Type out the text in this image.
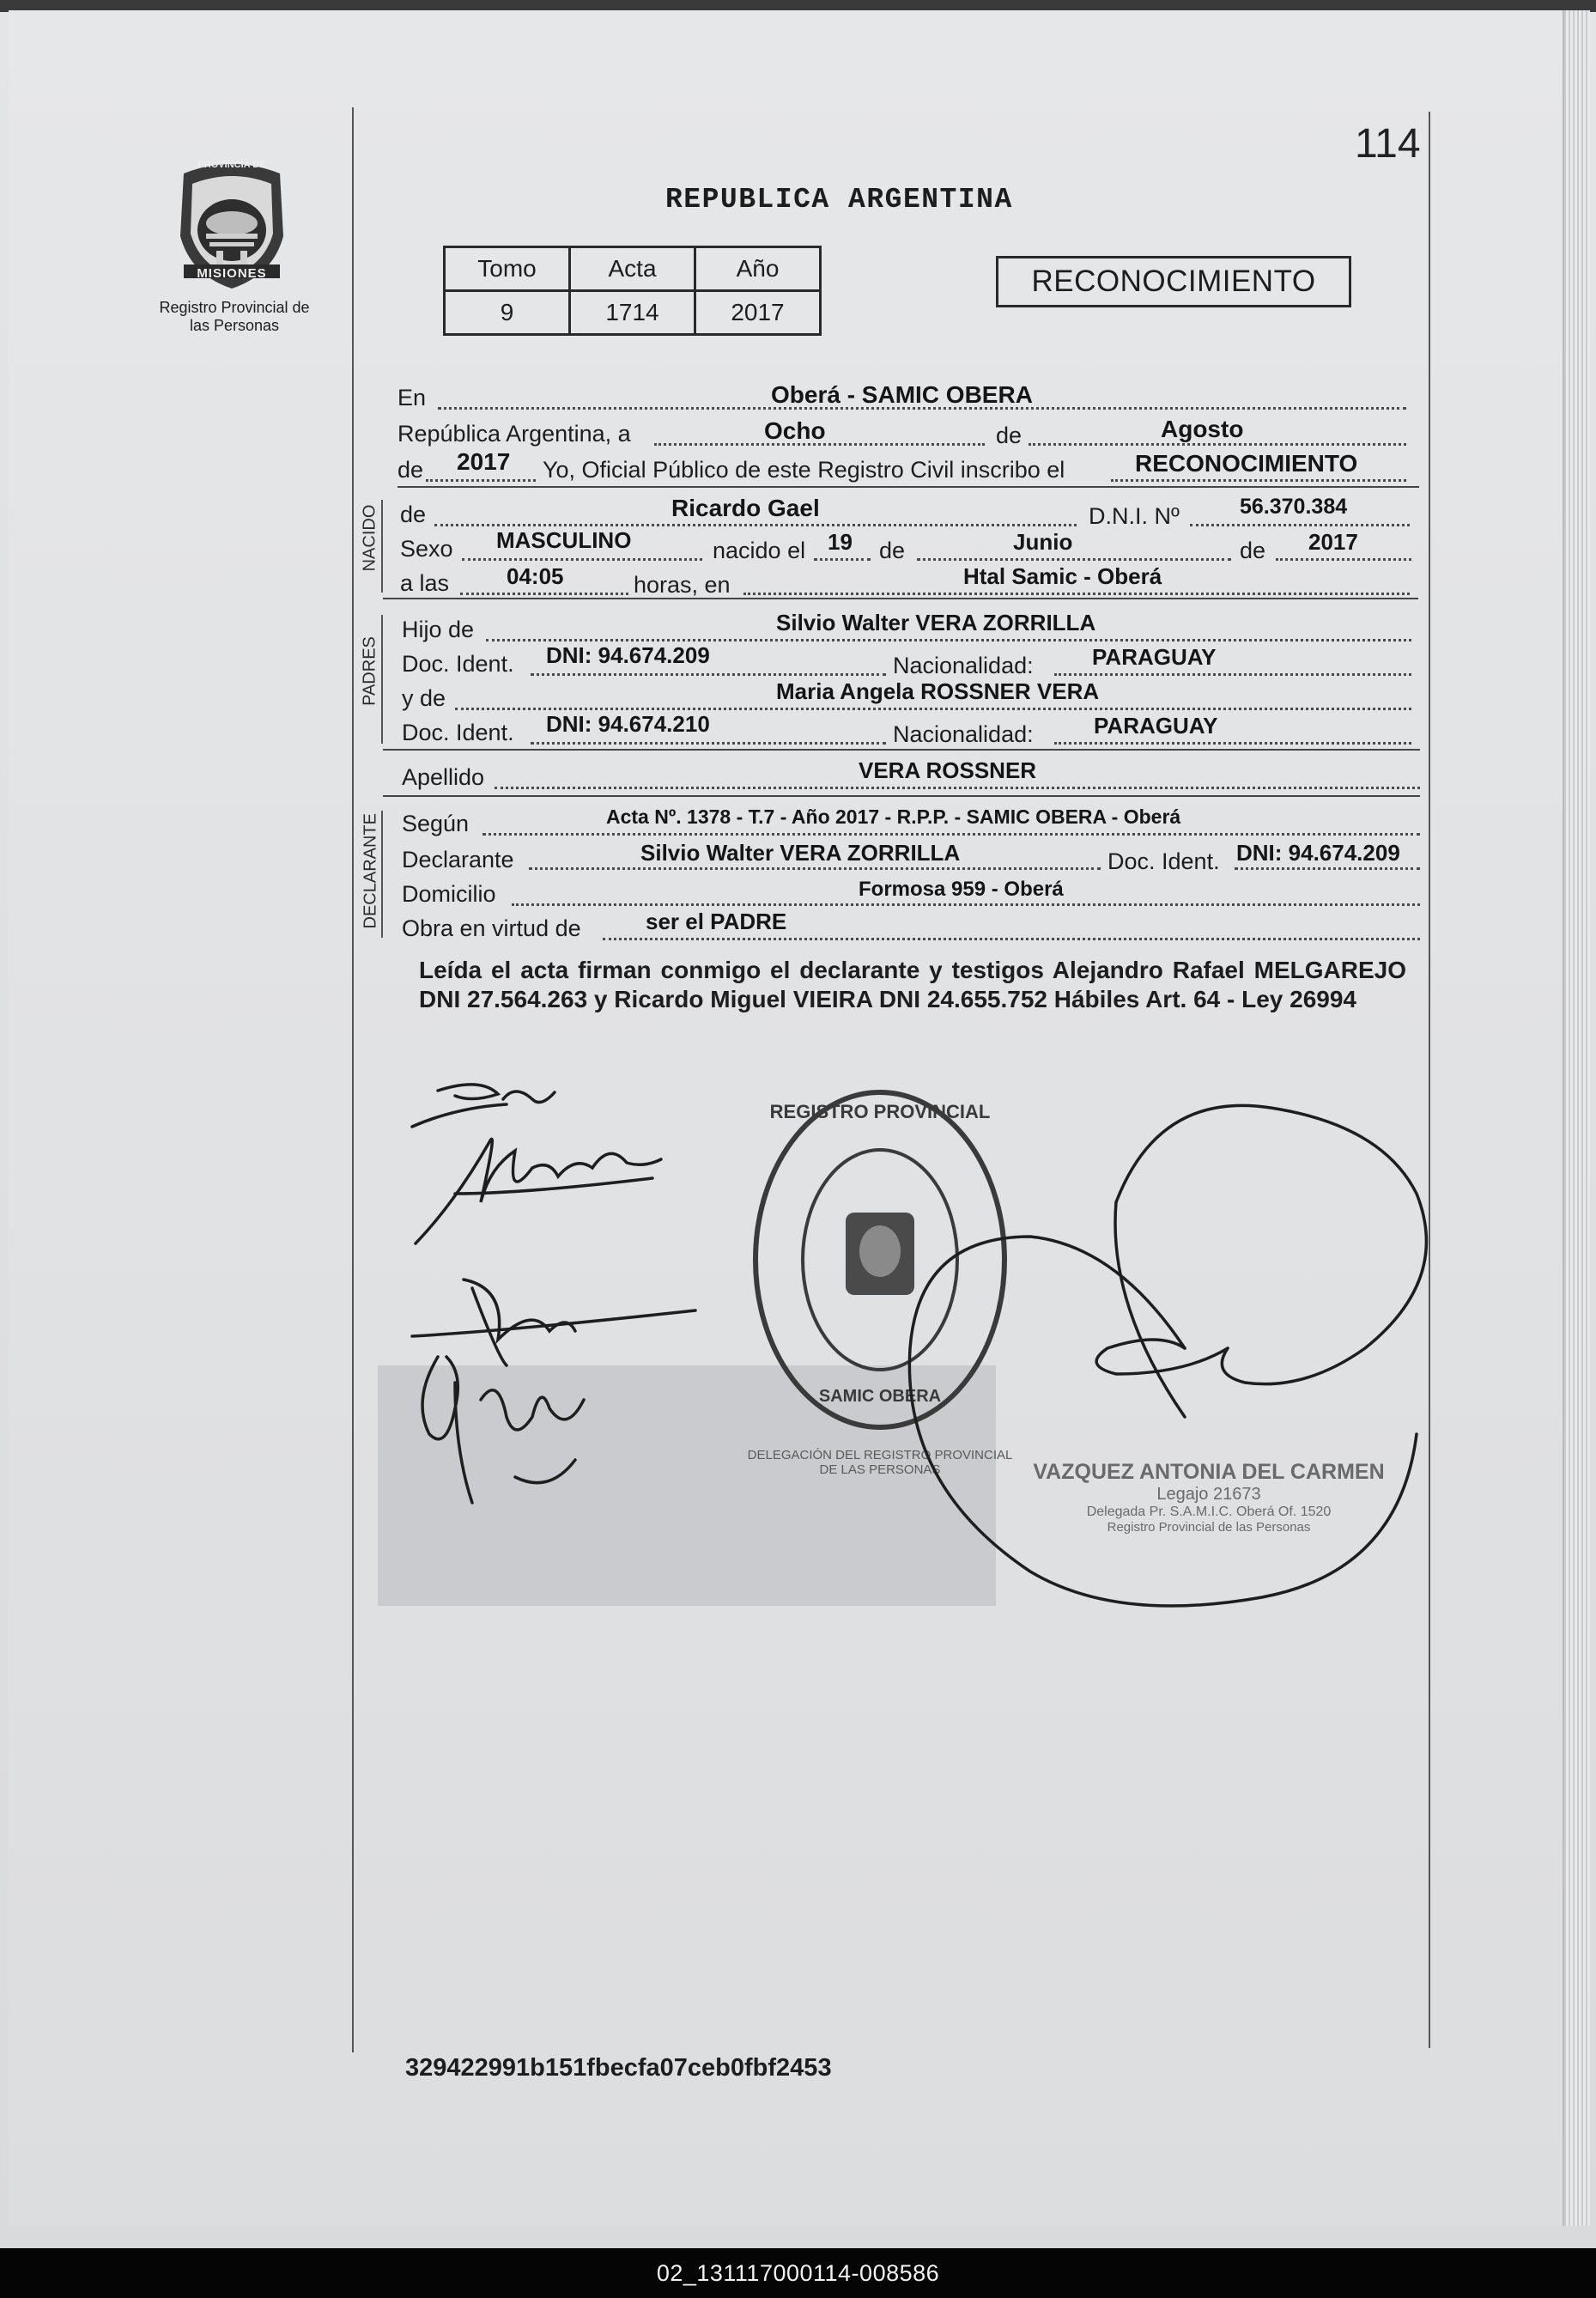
114
PROVINCIA DE
MISIONES
Registro Provincial de las Personas
REPUBLICA ARGENTINA
Tomo	Acta	Año
9	1714	2017
RECONOCIMIENTO
En	Oberá - SAMIC OBERA
República Argentina, a	Ocho	de	Agosto
de 2017 Yo, Oficial Público de este Registro Civil inscribo el	RECONOCIMIENTO
NACIDO de	Ricardo Gael	D.N.I. Nº	56.370.384
Sexo MASCULINO	nacido el 19 de	Junio	de 2017
a las	04:05	horas, en	Htal Samic - Oberá
PADRES
Hijo de	Silvio Walter VERA ZORRILLA
Doc. Ident. DNI: 94.674.209	Nacionalidad:	PARAGUAY
y de	Maria Angela ROSSNER VERA
Doc. Ident. DNI: 94.674.210	Nacionalidad:	PARAGUAY
Apellido	VERA ROSSNER
DECLARANTE Según	Acta Nº. 1378 - T.7 - Año 2017 - R.P.P. - SAMIC OBERA - Oberá
Declarante	Silvio Walter VERA ZORRILLA	Doc. Ident. DNI: 94.674.209
Domicilio	Formosa 959 - Oberá
Obra en virtud de	ser el PADRE
Leída el acta firman conmigo el declarante y testigos Alejandro Rafael MELGAREJO DNI 27.564.263 y Ricardo Miguel VIEIRA DNI 24.655.752 Hábiles Art. 64 - Ley 26994
REGISTRO PROVINCIAL
SAMIC OBERA
DELEGACIÓN DEL REGISTRO PROVINCIAL DE LAS PERSONAS	VAZQUEZ ANTONIA DEL CARMEN
Legajo 21673
Delegada Pr. S.A.M.I.C. Oberá Of. 1520
Registro Provincial de las Personas
329422991b151fbecfa07ceb0fbf2453
02_131117000114-008586
